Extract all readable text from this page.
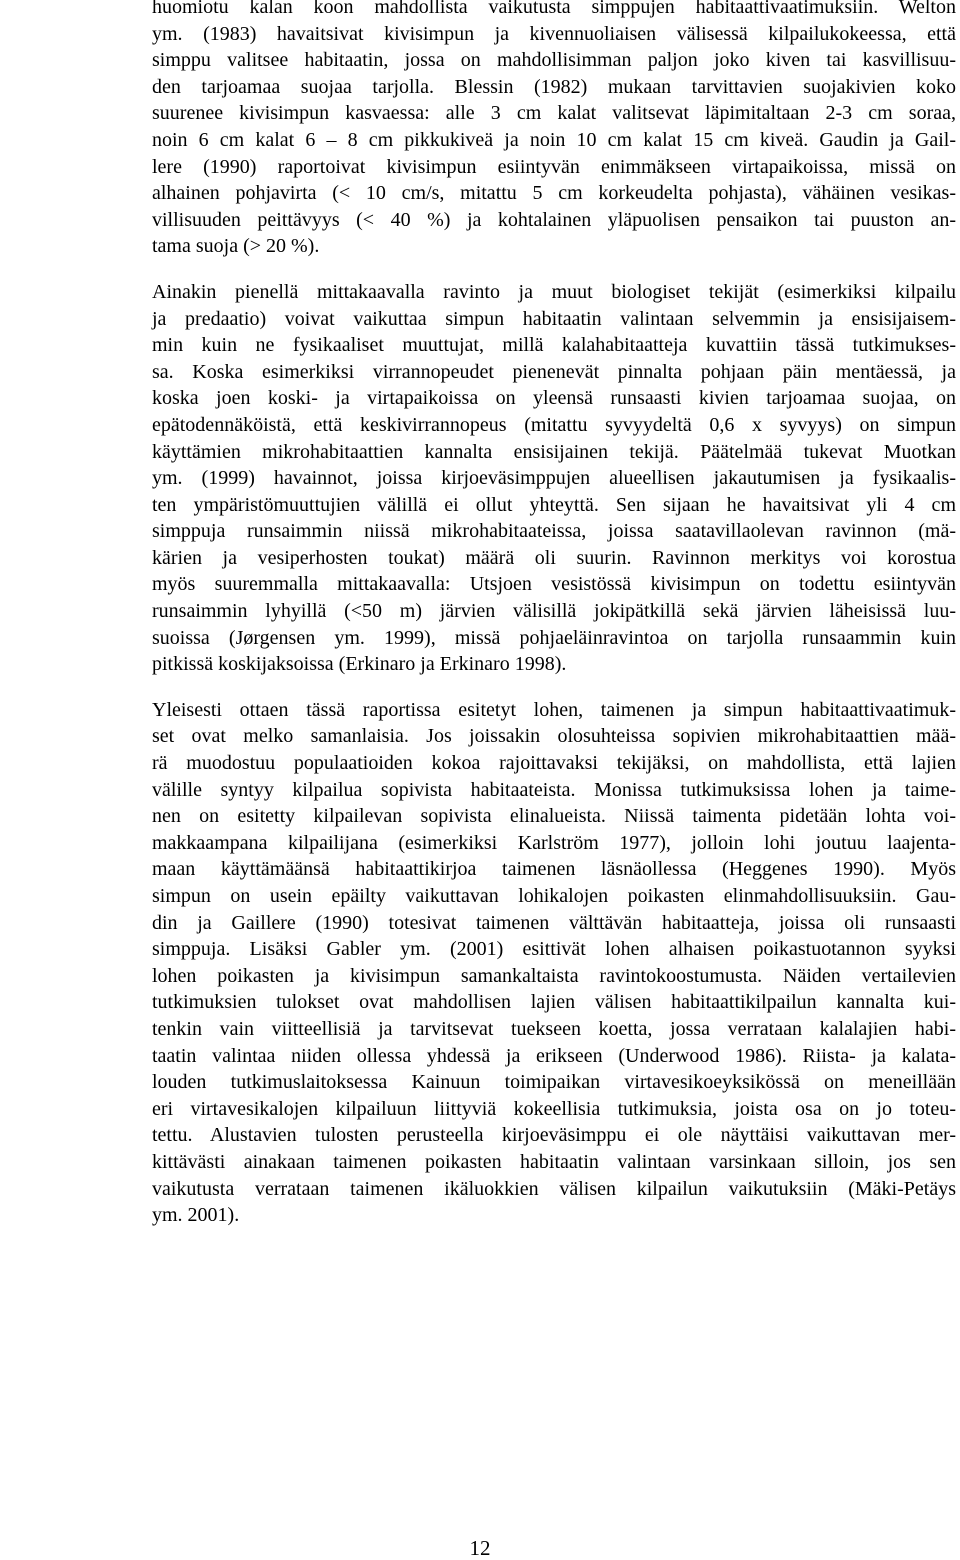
huomiotu kalan koon mahdollista vaikutusta simppujen habitaattivaatimuksiin. Welton
ym. (1983) havaitsivat kivisimpun ja kivennuoliaisen välisessä kilpailukokeessa, että
simppu valitsee habitaatin, jossa on mahdollisimman paljon joko kiven tai kasvillisuu-
den tarjoamaa suojaa tarjolla. Blessin (1982) mukaan tarvittavien suojakivien koko
suurenee kivisimpun kasvaessa: alle 3 cm kalat valitsevat läpimitaltaan 2-3 cm soraa,
noin 6 cm kalat 6 – 8 cm pikkukiveä ja noin 10 cm kalat 15 cm kiveä. Gaudin ja Gail-
lere (1990) raportoivat kivisimpun esiintyvän enimmäkseen virtapaikoissa, missä on
alhainen pohjavirta (< 10 cm/s, mitattu 5 cm korkeudelta pohjasta), vähäinen vesikas-
villisuuden peittävyys (< 40 %) ja kohtalainen yläpuolisen pensaikon tai puuston an-
tama suoja (> 20 %).

Ainakin pienellä mittakaavalla ravinto ja muut biologiset tekijät (esimerkiksi kilpailu
ja predaatio) voivat vaikuttaa simpun habitaatin valintaan selvemmin ja ensisijaisem-
min kuin ne fysikaaliset muuttujat, millä kalahabitaatteja kuvattiin tässä tutkimukses-
sa. Koska esimerkiksi virrannopeudet pienenevät pinnalta pohjaan päin mentäessä, ja
koska joen koski- ja virtapaikoissa on yleensä runsaasti kivien tarjoamaa suojaa, on
epätodennäköistä, että keskivirrannopeus (mitattu syvyydeltä 0,6 x syvyys) on simpun
käyttämien mikrohabitaattien kannalta ensisijainen tekijä. Päätelmää tukevat Muotkan
ym. (1999) havainnot, joissa kirjoeväsimppujen alueellisen jakautumisen ja fysikaalis-
ten ympäristömuuttujien välillä ei ollut yhteyttä. Sen sijaan he havaitsivat yli 4 cm
simppuja runsaimmin niissä mikrohabitaateissa, joissa saatavillaolevan ravinnon (mä-
kärien ja vesiperhosten toukat) määrä oli suurin. Ravinnon merkitys voi korostua
myös suuremmalla mittakaavalla: Utsjoen vesistössä kivisimpun on todettu esiintyvän
runsaimmin lyhyillä (<50 m) järvien välisillä jokipätkillä sekä järvien läheisissä luu-
suoissa (Jørgensen ym. 1999), missä pohjaeläinravintoa on tarjolla runsaammin kuin
pitkissä koskijaksoissa (Erkinaro ja Erkinaro 1998).

Yleisesti ottaen tässä raportissa esitetyt lohen, taimenen ja simpun habitaattivaatimuk-
set ovat melko samanlaisia. Jos joissakin olosuhteissa sopivien mikrohabitaattien mää-
rä muodostuu populaatioiden kokoa rajoittavaksi tekijäksi, on mahdollista, että lajien
välille syntyy kilpailua sopivista habitaateista. Monissa tutkimuksissa lohen ja taime-
nen on esitetty kilpailevan sopivista elinalueista. Niissä taimenta pidetään lohta voi-
makkaampana kilpailijana (esimerkiksi Karlström 1977), jolloin lohi joutuu laajenta-
maan käyttämäänsä habitaattikirjoa taimenen läsnäollessa (Heggenes 1990). Myös
simpun on usein epäilty vaikuttavan lohikalojen poikasten elinmahdollisuuksiin. Gau-
din ja Gaillere (1990) totesivat taimenen välttävän habitaatteja, joissa oli runsaasti
simppuja. Lisäksi Gabler ym. (2001) esittivät lohen alhaisen poikastuotannon syyksi
lohen poikasten ja kivisimpun samankaltaista ravintokoostumusta. Näiden vertailevien
tutkimuksien tulokset ovat mahdollisen lajien välisen habitaattikilpailun kannalta kui-
tenkin vain viitteellisiä ja tarvitsevat tuekseen koetta, jossa verrataan kalalajien habi-
taatin valintaa niiden ollessa yhdessä ja erikseen (Underwood 1986). Riista- ja kalata-
louden tutkimuslaitoksessa Kainuun toimipaikan virtavesikoeyksikössä on meneillään
eri virtavesikalojen kilpailuun liittyviä kokeellisia tutkimuksia, joista osa on jo toteu-
tettu. Alustavien tulosten perusteella kirjoeväsimppu ei ole näyttäisi vaikuttavan mer-
kittävästi ainakaan taimenen poikasten habitaatin valintaan varsinkaan silloin, jos sen
vaikutusta verrataan taimenen ikäluokkien välisen kilpailun vaikutuksiin (Mäki-Petäys
ym. 2001).

12
